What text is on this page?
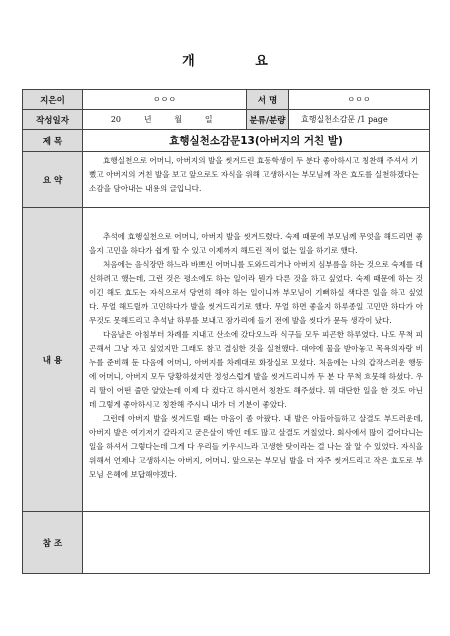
개 요
지은이	ㅇㅇㅇ	서 명	ㅇㅇㅇ
작성일자	20 년 월 일	분류/분량	효행실천소감문 /1 page
제 목	효행실천소감문13(아버지의 거친 발)		
요 약	효행실천으로 어머니, 아버지의 발을 씻겨드린 효동학생이 두 분다 좋아하시고 칭찬해 주셔서 기뻤고 아버지의 거친 발을 보고 앞으로도 자식을 위해 고생하시는 부모님께 작은 효도를 실천하겠다는 소감을 담아내는 내용의 글입니다.		

내 용	추석에 효행실천으로 어머니, 아버지 발을 씻겨드렸다. 숙제 때문에 부모님께 무엇을 해드리면 좋을지 고민을 하다가 쉽게 할 수 있고 이제까지 해드린 적이 없는 일을 하기로 했다.

처음에는 음식장만 하느라 바쁘신 어머니를 도와드리거나 아버지 심부름을 하는 것으로 숙제를 대신하려고 했는데, 그런 것은 평소에도 하는 일이라 뭔가 다른 것을 하고 싶었다. 숙제 때문에 하는 것이긴 해도 효도는 자식으로서 당연히 해야 하는 일이니까 부모님이 기뻐하실 색다른 일을 하고 싶었다. 무얼 해드릴까 고민하다가 발을 씻겨드리기로 했다. 무얼 하면 좋을지 하루종일 고민만 하다가 아무것도 못해드리고 추석날 하루를 보내고 잠가리에 들기 전에 발을 씻다가 문득 생각이 났다.

다음날은 아침부터 차례를 지내고 산소에 갔다오느라 식구들 모두 피곤한 하루였다. 나도 무척 피곤해서 그냥 자고 싶었지만 그래도 참고 결심한 것을 실천했다. 대야에 물을 받아놓고 목욕의자랑 비누를 준비해 둔 다음에 어머니, 아버지를 차례대로 화장실로 모셨다. 처음에는 나의 갑작스러운 행동에 어머니, 아버지 모두 당황하셨지만 정성스럽게 발을 씻겨드리니까 두 분 다 무척 흐뭇해 하셨다. 우리 딸이 어떤 줄만 알았는데 이제 다 컸다고 하시면서 칭찬도 해주셨다. 뭐 대단한 일을 한 것도 아닌데 그렇게 좋아하시고 칭찬해 주시니 내가 더 기분이 좋았다.

그런데 아버지 발을 씻겨드릴 때는 마음이 좀 아팠다. 내 발은 아들아들하고 살결도 부드러운데, 아버지 발은 여기저기 갈라지고 굳은살이 박인 데도 많고 살결도 거칠었다. 회사에서 많이 걸어다니는 일을 하셔서 그렇다는데 그게 다 우리들 키우시느라 고생한 탓이라는 걸 나는 잘 알 수 있었다. 자식을 위해서 언제나 고생하시는 아버지, 어머니. 앞으로는 부모님 발을 더 자주 씻겨드리고 작은 효도로 부모님 은혜에 보답해야겠다.		

참 조			
